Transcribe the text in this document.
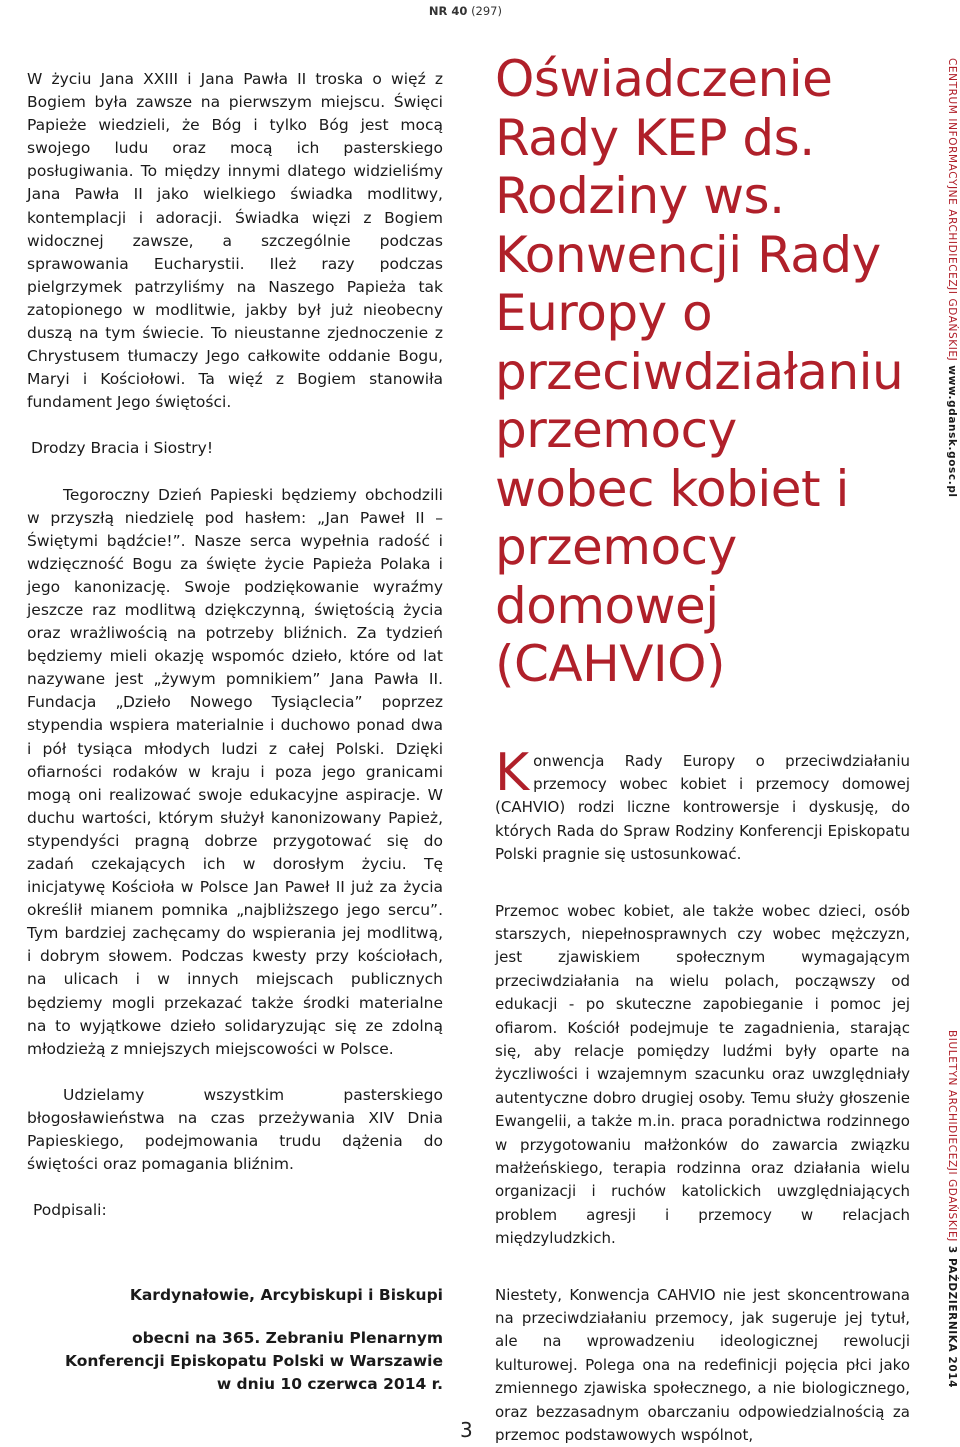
NR 40 (297)

W życiu Jana XXIII i Jana Pawła II troska o więź z Bogiem była zawsze na pierwszym miejscu. Święci Papieże wiedzieli, że Bóg i tylko Bóg jest mocą swojego ludu oraz mocą ich pasterskiego posługiwania. To między innymi dlatego widzieliśmy Jana Pawła II jako wielkiego świadka modlitwy, kontemplacji i adoracji. Świadka więzi z Bogiem widocznej zawsze, a szczególnie podczas sprawowania Eucharystii. Ileż razy podczas pielgrzymek patrzyliśmy na Naszego Papieża tak zatopionego w modlitwie, jakby był już nieobecny duszą na tym świecie. To nieustanne zjednoczenie z Chrystusem tłumaczy Jego całkowite oddanie Bogu, Maryi i Kościołowi. Ta więź z Bogiem stanowiła fundament Jego świętości.

Drodzy Bracia i Siostry!

Tegoroczny Dzień Papieski będziemy obchodzili w przyszłą niedzielę pod hasłem: „Jan Paweł II – Świętymi bądźcie!”. Nasze serca wypełnia radość i wdzięczność Bogu za święte życie Papieża Polaka i jego kanonizację. Swoje podziękowanie wyraźmy jeszcze raz modlitwą dziękczynną, świętością życia oraz wrażliwością na potrzeby bliźnich. Za tydzień będziemy mieli okazję wspomóc dzieło, które od lat nazywane jest „żywym pomnikiem” Jana Pawła II. Fundacja „Dzieło Nowego Tysiąclecia” poprzez stypendia wspiera materialnie i duchowo ponad dwa i pół tysiąca młodych ludzi z całej Polski. Dzięki ofiarności rodaków w kraju i poza jego granicami mogą oni realizować swoje edukacyjne aspiracje. W duchu wartości, którym służył kanonizowany Papież, stypendyści pragną dobrze przygotować się do zadań czekających ich w dorosłym życiu. Tę inicjatywę Kościoła w Polsce Jan Paweł II już za życia określił mianem pomnika „najbliższego jego sercu”. Tym bardziej zachęcamy do wspierania jej modlitwą, i dobrym słowem. Podczas kwesty przy kościołach, na ulicach i w innych miejscach publicznych będziemy mogli przekazać także środki materialne na to wyjątkowe dzieło solidaryzując się ze zdolną młodzieżą z mniejszych miejscowości w Polsce.

Udzielamy wszystkim pasterskiego błogosławieństwa na czas przeżywania XIV Dnia Papieskiego, podejmowania trudu dążenia do świętości oraz pomagania bliźnim.

Podpisali:

Kardynałowie, Arcybiskupi i Biskupi
obecni na 365. Zebraniu Plenarnym
Konferencji Episkopatu Polski w Warszawie
w dniu 10 czerwca 2014 r.
Oświadczenie Rady KEP ds. Rodziny ws. Konwencji Rady Europy o przeciwdziałaniu przemocy wobec kobiet i przemocy domowej (CAHVIO)

Konwencja Rady Europy o przeciwdziałaniu przemocy wobec kobiet i przemocy domowej (CAHVIO) rodzi liczne kontrowersje i dyskusję, do których Rada do Spraw Rodziny Konferencji Episkopatu Polski pragnie się ustosunkować.

Przemoc wobec kobiet, ale także wobec dzieci, osób starszych, niepełnosprawnych czy wobec mężczyzn, jest zjawiskiem społecznym wymagającym przeciwdziałania na wielu polach, począwszy od edukacji - po skuteczne zapobieganie i pomoc jej ofiarom. Kościół podejmuje te zagadnienia, starając się, aby relacje pomiędzy ludźmi były oparte na życzliwości i wzajemnym szacunku oraz uwzględniały autentyczne dobro drugiej osoby. Temu służy głoszenie Ewangelii, a także m.in. praca poradnictwa rodzinnego w przygotowaniu małżonków do zawarcia związku małżeńskiego, terapia rodzinna oraz działania wielu organizacji i ruchów katolickich uwzględniających problem agresji i przemocy w relacjach międzyludzkich.

Niestety, Konwencja CAHVIO nie jest skoncentrowana na przeciwdziałaniu przemocy, jak sugeruje jej tytuł, ale na wprowadzeniu ideologicznej rewolucji kulturowej. Polega ona na redefinicji pojęcia płci jako zmiennego zjawiska społecznego, a nie biologicznego, oraz bezzasadnym obarczaniu odpowiedzialnością za przemoc podstawowych wspólnot,

CENTRUM INFORMACYJNE ARCHIDIECEZJI GDAŃSKIEJ www.gdansk.gosc.pl
BIULETYN ARCHIDIECEZJI GDAŃSKIEJ 3 PAŹDZIERNIKA 2014
3
